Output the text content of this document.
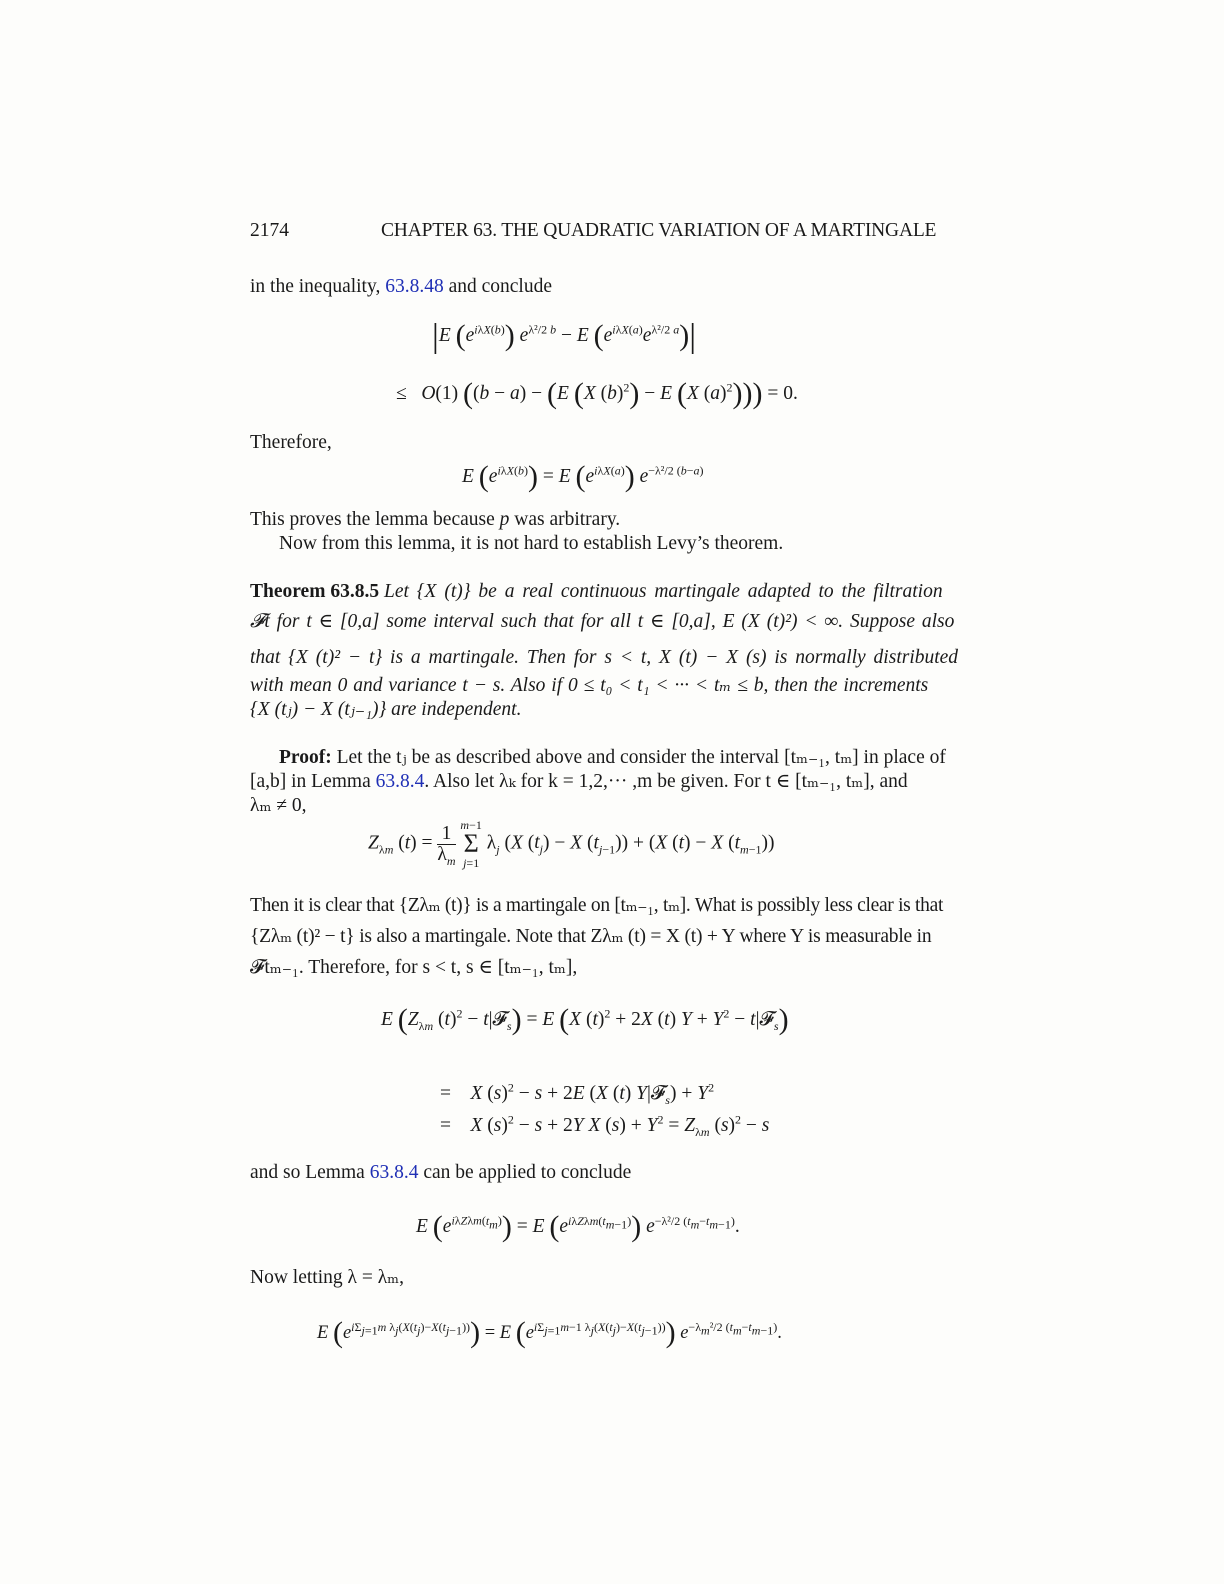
2174	CHAPTER 63. THE QUADRATIC VARIATION OF A MARTINGALE
in the inequality, 63.8.48 and conclude
|E $(e^{i\lambda X(b)}) e^{\lambda^2/2 b} - E$ $(e^{i\lambda X(a)}e^{\lambda^2/2 a})|$
≤   O(1) ((b − a) − (E (X $(b)^2) - E$ (X $(a)^2))) = 0$.
Therefore,
E $(e^{i\lambda X(b)}) = E$ $(e^{i\lambda X(a)})$ $e^{-\lambda^2/2 (b-a)}$
This proves the lemma because p was arbitrary.
Now from this lemma, it is not hard to establish Levy’s theorem.
Theorem 63.8.5 Let {X (t)} be a real continuous martingale adapted to the filtration
𝓕t for t ∈ [0,a] some interval such that for all t ∈ [0,a], E (X (t)²) < ∞. Suppose also
that {X (t)² − t} is a martingale. Then for s < t, X (t) − X (s) is normally distributed
with mean 0 and variance t − s. Also if 0 ≤ t₀ < t₁ < ··· < tₘ ≤ b, then the increments
{X (tⱼ) − X (tⱼ₋₁)} are independent.
Proof: Let the tⱼ be as described above and consider the interval [tₘ₋₁, tₘ] in place of
[a,b] in Lemma 63.8.4. Also let λₖ for k = 1,2,··· ,m be given. For t ∈ [tₘ₋₁, tₘ], and
λₘ ≠ 0,
$Z_{\lambda m}$ $(t) = \frac{1}{\lambda_m}$
m−1
Σ
j=1
$\lambda_j$ (X $(t_j) - X$ $(t_{j-1})) + (X$ (t) − X $(t_{m-1})$)
Then it is clear that {Zλₘ (t)} is a martingale on [tₘ₋₁, tₘ]. What is possibly less clear is that
{Zλₘ (t)² − t} is also a martingale. Note that Zλₘ (t) = X (t) + Y where Y is measurable in
𝓕tₘ₋₁. Therefore, for s < t, s ∈ [tₘ₋₁, tₘ],
E ($Z_{\lambda m}$ $(t)^2$ − t|𝓕$_s$) = E (X $(t)^2 + 2X$ (t) $Y + Y^2$ − t|𝓕$_s$)
=    X $(s)^2 - s + 2E$ (X (t) Y|𝓕$_s$) + $Y^2$
=    X $(s)^2 - s + 2Y$ X $(s) + Y^2 = Z_{\lambda m}$ $(s)^2 - s$
and so Lemma 63.8.4 can be applied to conclude
E $(e^{i\lambda Z\lambda m(t_m)}) = E$ $(e^{i\lambda Z\lambda m(t_{m-1})})$ $e^{-\lambda^2/2 (t_m-t_{m-1})}$.
Now letting λ = λₘ,
E $(e^{i\Sigma_{j=1}m \lambda_j(X(t_j)-X(t_{j-1}))}) = E$ $(e^{i\Sigma_{j=1}m-1 \lambda_j(X(t_j)-X(t_{j-1}))})$ $e^{-\lambda_m^2/2 (t_m-t_{m-1})}$.
